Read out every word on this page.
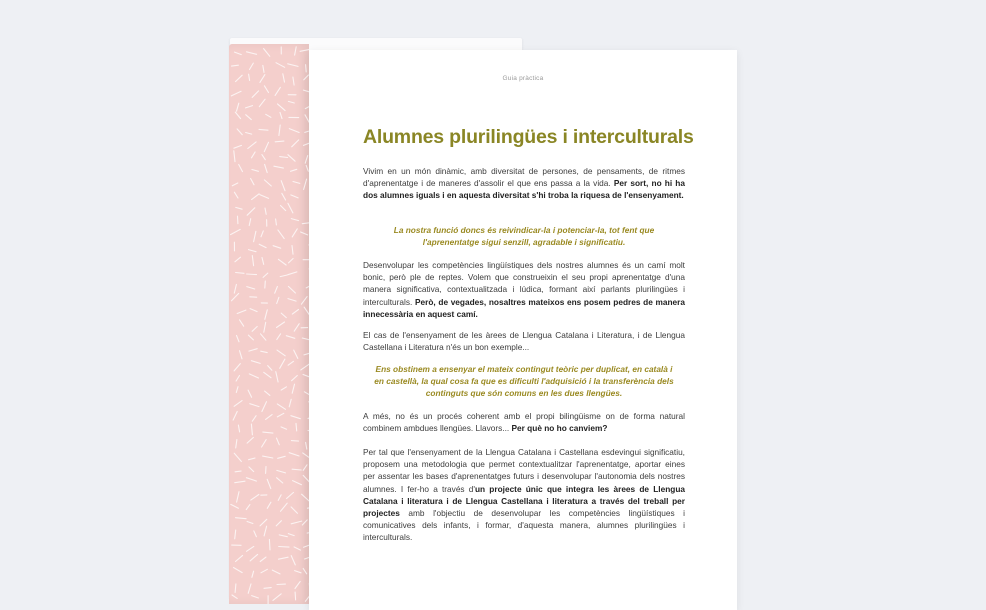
Guia pràctica
Alumnes plurilingües i interculturals
Vivim en un món dinàmic, amb diversitat de persones, de pensaments, de ritmes d'aprenentatge i de maneres d'assolir el que ens passa a la vida. Per sort, no hi ha dos alumnes iguals i en aquesta diversitat s'hi troba la riquesa de l'ensenyament.
La nostra funció doncs és reivindicar-la i potenciar-la, tot fent que l'aprenentatge sigui senzill, agradable i significatiu.
Desenvolupar les competències lingüístiques dels nostres alumnes és un camí molt bonic, però ple de reptes. Volem que construeixin el seu propi aprenentatge d'una manera significativa, contextualitzada i lúdica, formant així parlants plurilingües i interculturals. Però, de vegades, nosaltres mateixos ens posem pedres de manera innecessària en aquest camí.
El cas de l'ensenyament de les àrees de Llengua Catalana i Literatura, i de Llengua Castellana i Literatura n'és un bon exemple...
Ens obstinem a ensenyar el mateix contingut teòric per duplicat, en català i en castellà, la qual cosa fa que es dificulti l'adquisició i la transferència dels continguts que són comuns en les dues llengües.
A més, no és un procés coherent amb el propi bilingüisme on de forma natural combinem ambdues llengües. Llavors... Per què no ho canviem?
Per tal que l'ensenyament de la Llengua Catalana i Castellana esdevingui significatiu, proposem una metodologia que permet contextualitzar l'aprenentatge, aportar eines per assentar les bases d'aprenentatges futurs i desenvolupar l'autonomia dels nostres alumnes. I fer-ho a través d'un projecte únic que integra les àrees de Llengua Catalana i literatura i de Llengua Castellana i literatura a través del treball per projectes amb l'objectiu de desenvolupar les competències lingüístiques i comunicatives dels infants, i formar, d'aquesta manera, alumnes plurilingües i interculturals.
